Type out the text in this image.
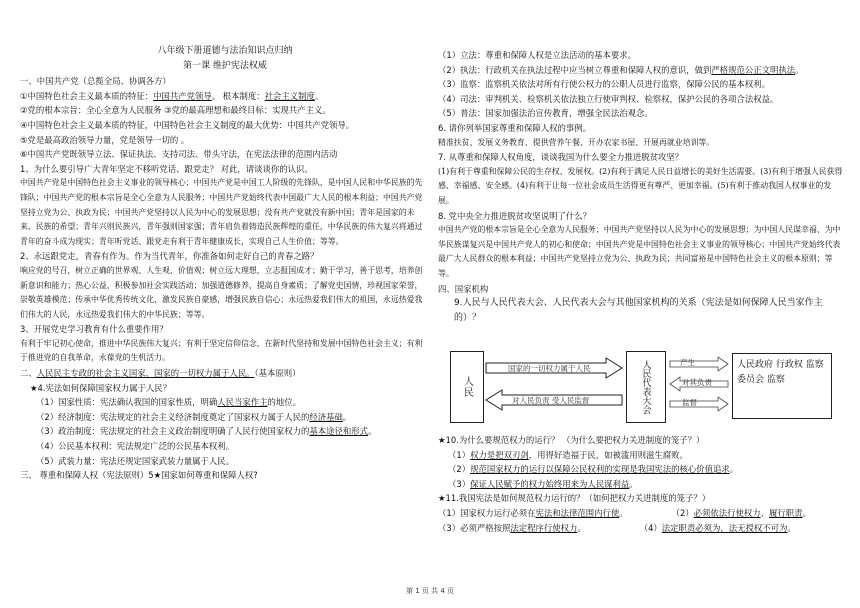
八年级下册道德与法治知识点归纳

第一课 维护宪法权威

一、中国共产党（总揽全局、协调各方）

①中国特色社会主义最本质的特征：中国共产党领导。 根本制度：社会主义制度。

②党的根本宗旨：全心全意为人民服务 ③党的最高理想和最终目标：实现共产主义。

④中国特色社会主义最本质的特征，中国特色社会主义制度的最大优势：中国共产党领导。

⑤党是最高政治领导力量，党是领导一切的 。

⑥中国共产党既领导立法、保证执法、支持司法、带头守法，在宪法法律的范围内活动

1、为什么要引导广大青年坚定不移听党话、跟党走？ 对此，请谈谈你的认识。

中国共产党是中国特色社会主义事业的领导核心；中国共产党是中国工人阶级的先锋队，是中国人民和中华民族的先锋队；中国共产党的根本宗旨是全心全意为人民服务；中国共产党始终代表中国最广大人民的根本利益；中国共产党坚持立党为公、执政为民；中国共产党坚持以人民为中心的发展思想；没有共产党就没有新中国；青年是国家的未来、民族的希望；青年兴则民族兴，青年强则国家强；青年肩负着铸造民族辉煌的重任，中华民族的伟大复兴将通过青年的奋斗成为现实；青年听党话、跟党走有利于青年健康成长，实现自己人生价值；等等。

2、永远跟党走，青春有作为。作为当代青年，你准备如何走好自己的青春之路？

响应党的号召，树立正确的世界观、人生观、价值观；树立远大理想，立志报国成才；勤于学习，善于思考，培养创新意识和能力；热心公益，积极参加社会实践活动；加强道德修养，提高自身素质；了解党史国情，珍视国家荣誉，崇敬英雄模范；传承中华优秀传统文化，激发民族自豪感，增强民族自信心；永远热爱我们伟大的祖国，永远热爱我们伟大的人民，永远热爱我们伟大的中华民族；等等。

3、开展党史学习教育有什么重要作用？

有利于牢记初心使命，推进中华民族伟大复兴；有利于坚定信仰信念，在新时代坚持和发展中国特色社会主义；有利于推进党的自我革命，永葆党的生机活力。

二、人民民主专政的社会主义国家，国家的一切权力属于人民。（基本原则）

★4.宪法如何保障国家权力属于人民？

（1）国家性质：宪法确认我国的国家性质，明确人民当家作主的地位。

（2）经济制度：宪法规定的社会主义经济制度奠定了国家权力属于人民的经济基础。

（3）政治制度：宪法规定的社会主义政治制度明确了人民行使国家权力的基本途径和形式。

（4）公民基本权利：宪法规定广泛的公民基本权利。

（5）武装力量：宪法还规定国家武装力量属于人民。

三、 尊重和保障人权（宪法原则）5★国家如何尊重和保障人权?

（1）立法：尊重和保障人权是立法活动的基本要求。

（2）执法：行政机关在执法过程中应当树立尊重和保障人权的意识，做到严格规范公正文明执法。

（3）监察：监察机关依法对所有行使公权力的公职人员进行监察，保障公民的基本权利。

（4）司法：审判机关、检察机关依法独立行使审判权、检察权，保护公民的各项合法权益。

（5）普法：国家加强法治宣传教育，增强全民法治观念。

6. 请你列举国家尊重和保障人权的事例。

精准扶贫、发展义务教育、提供营养午餐、开办农家书屋、开展再就业培训等。

7. 从尊重和保障人权角度，谈谈我国为什么要全力推进脱贫攻坚？

(1)有利于尊重和保障公民的生存权、发展权。(2)有利于满足人民日益增长的美好生活需要。(3)有利于增强人民获得感、幸福感、安全感。(4)有利于让每一位社会成员生活得更有尊严、更加幸福。(5)有利于推动我国人权事业的发展。

8. 党中央全力推进脱贫攻坚说明了什么？

中国共产党的根本宗旨是全心全意为人民服务；中国共产党坚持以人民为中心的发展思想；为中国人民谋幸福、为中华民族谋复兴是中国共产党人的初心和使命；中国共产党是中国特色社会主义事业的领导核心；中国共产党始终代表最广大人民群众的根本利益；中国共产党坚持立党为公、执政为民；共同富裕是中国特色社会主义的根本原则；等等。

四、国家机构

9.人民与人民代表大会、人民代表大会与其他国家机构的关系（宪法是如何保障人民当家作主的）？

人民
国家的一切权力属于人民
对人民负责 受人民监督	人民代表大会	产生
对其负责
监督
人民政府 行政权 监察委员会 监察

★10.为什么要规范权力的运行？ （为什么要把权力关进制度的笼子？）

（1）权力是把双刃剑，用得好造福于民，如被滥用则滋生腐败。

（2）规范国家权力的运行以保障公民权利的实现是我国宪法的核心价值追求。

（3）保证人民赋予的权力始终用来为人民谋利益。

★11.我国宪法是如何规范权力运行的？（如何把权力关进制度的笼子？）

（1）国家权力运行必须在宪法和法律范围内行使。	（2）必须依法行使权力、履行职责。

（3）必须严格按照法定程序行使权力。	（4）法定职责必须为，法无授权不可为。

第 1 页 共 4 页
